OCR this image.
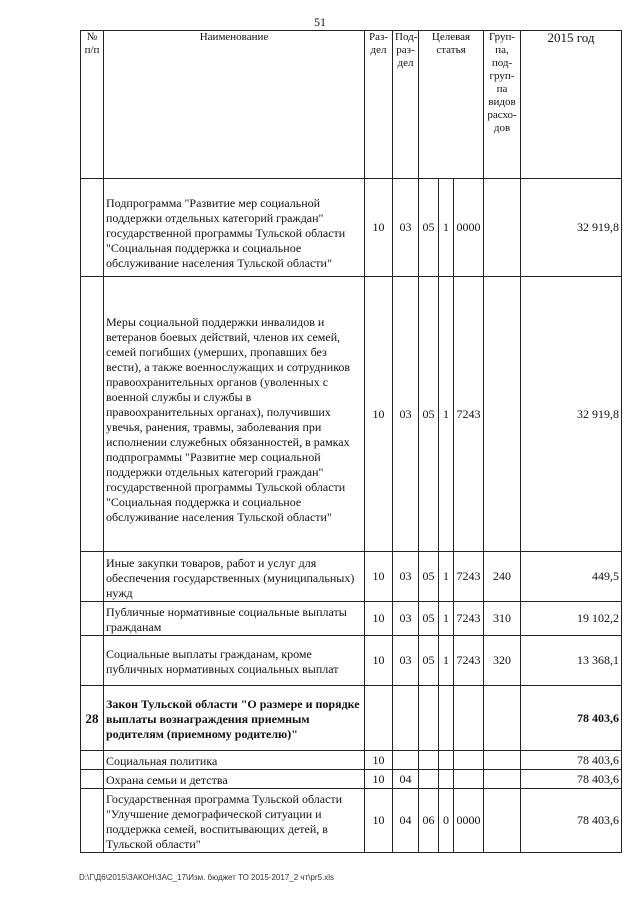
51
№ п/п	Наименование	Раз-дел	Под-раз-дел	Целевая статья			Груп-па, под-груп-па видов расхо-дов	2015 год
	Подпрограмма "Развитие мер социальной поддержки отдельных категорий граждан" государственной программы Тульской области "Социальная поддержка и социальное обслуживание населения Тульской области"	10	03	05	1	0000		32 919,8
	Меры социальной поддержки инвалидов и ветеранов боевых действий, членов их семей, семей погибших (умерших, пропавших без вести), а также военнослужащих и сотрудников правоохранительных органов (уволенных с военной службы и службы в правоохранительных органах), получивших увечья, ранения, травмы, заболевания при исполнении служебных обязанностей, в рамках подпрограммы "Развитие мер социальной поддержки отдельных категорий граждан" государственной программы Тульской области "Социальная поддержка и социальное обслуживание населения Тульской области"	10	03	05	1	7243		32 919,8
	Иные закупки товаров, работ и услуг для обеспечения государственных (муниципальных) нужд	10	03	05	1	7243	240	449,5
	Публичные нормативные социальные выплаты гражданам	10	03	05	1	7243	310	19 102,2
	Социальные выплаты гражданам, кроме публичных нормативных социальных выплат	10	03	05	1	7243	320	13 368,1
28	Закон Тульской области "О размере и порядке выплаты вознаграждения приемным родителям (приемному родителю)"							78 403,6
	Социальная политика	10						78 403,6
	Охрана семьи и детства	10	04					78 403,6
	Государственная программа Тульской области "Улучшение демографической ситуации и поддержка семей, воспитывающих детей, в Тульской области"	10	04	06	0	0000		78 403,6
D:\Г\Д6\2015\ЗАКОН\ЗАС_17\Изм. бюджет ТО 2015-2017_2 чт\pr5.xls
